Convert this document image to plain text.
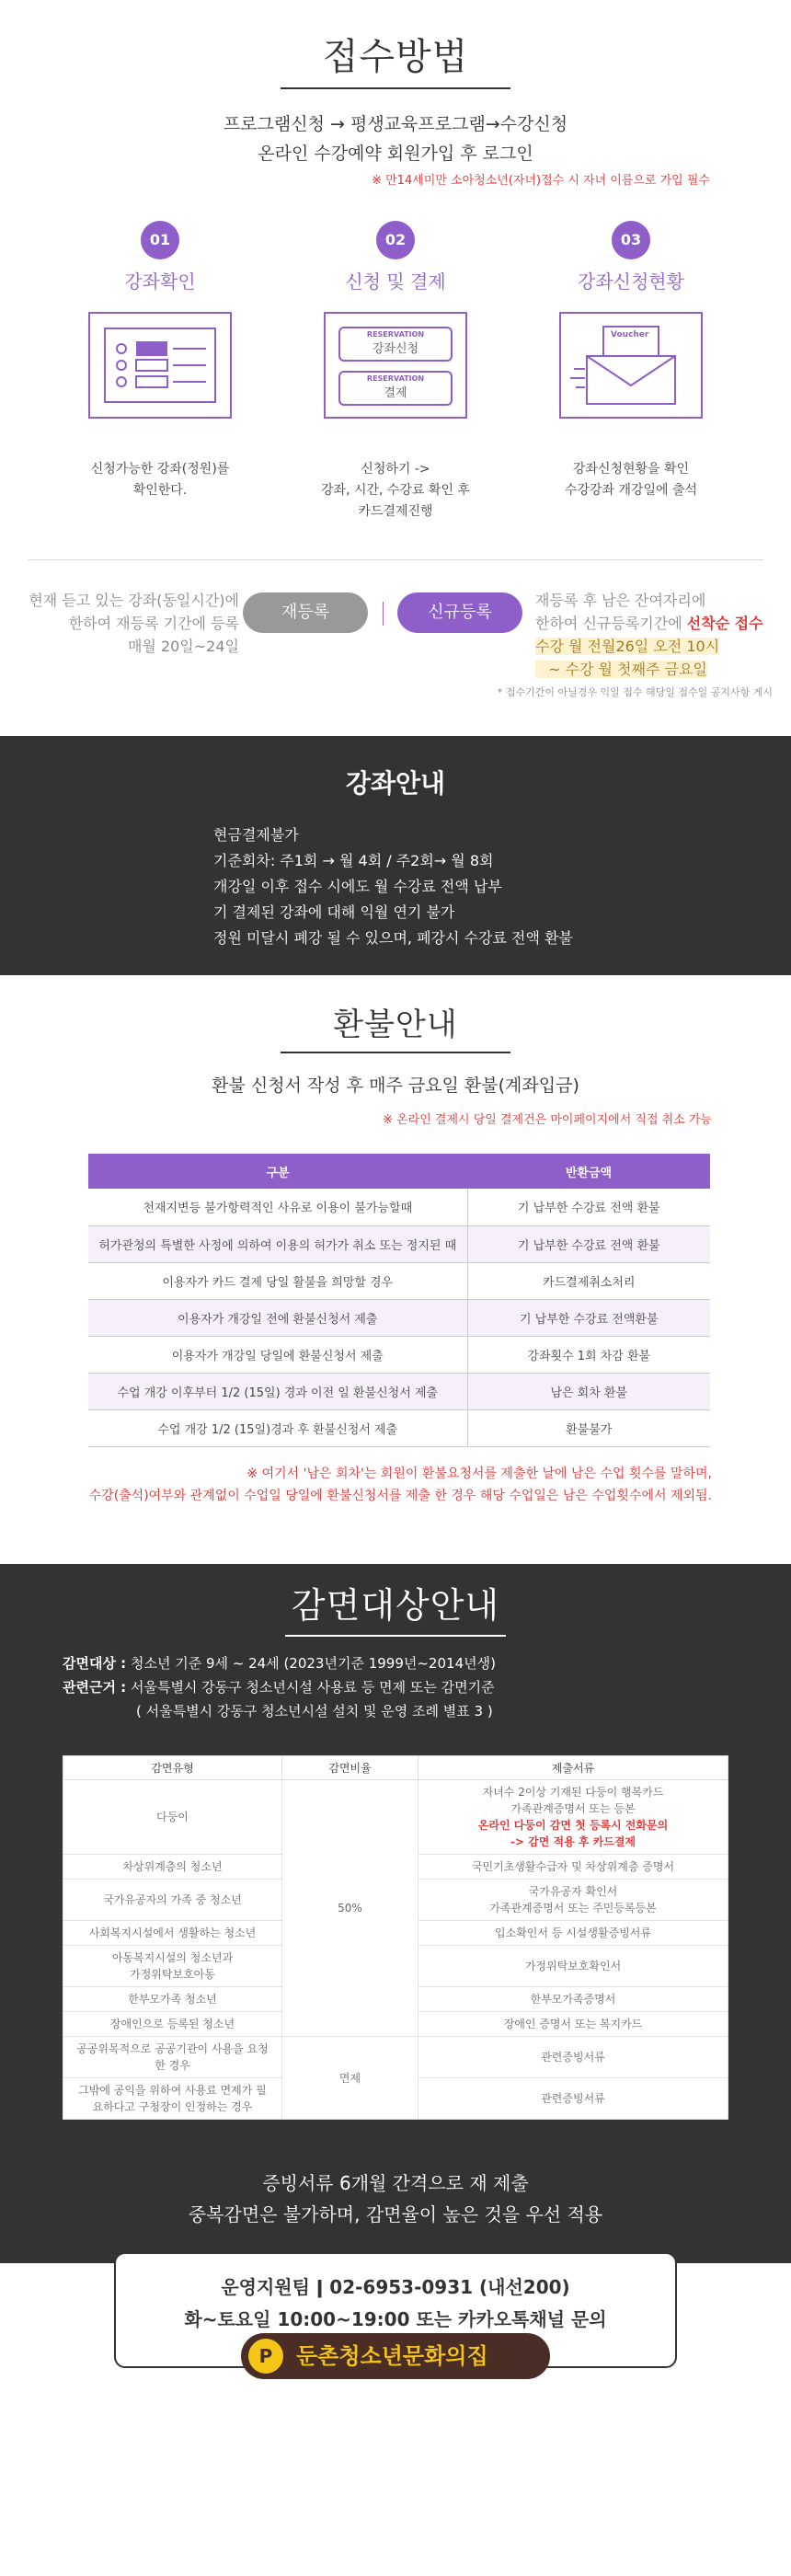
접수방법
프로그램신청 → 평생교육프로그램→수강신청
온라인 수강예약 회원가입 후 로그인
※ 만14세미만 소아청소년(자녀)접수 시 자녀 이름으로 가입 필수
01
강좌확인
신청가능한 강좌(정원)를
확인한다.
02
신청 및 결제
RESERVATION
강좌신청
RESERVATION
결제
신청하기 ->
강좌, 시간, 수강료 확인 후
카드결제진행
03
강좌신청현황
Voucher
강좌신청현황을 확인
수강강좌 개강일에 출석
현재 듣고 있는 강좌(동일시간)에
한하여 재등록 기간에 등록
매월 20일~24일
재등록	신규등록
재등록 후 남은 잔여자리에
한하여 신규등록기간에 선착순 접수
수강 월 전월26일 오전 10시
~ 수강 월 첫째주 금요일
* 접수기간이 아닐경우 익일 접수 해당일 접수일 공지사항 게시
강좌안내
현금결제불가
기준회차: 주1회 → 월 4회 / 주2회→ 월 8회
개강일 이후 접수 시에도 월 수강료 전액 납부
기 결제된 강좌에 대해 익월 연기 불가
정원 미달시 폐강 될 수 있으며, 폐강시 수강료 전액 환불
환불안내
환불 신청서 작성 후 매주 금요일 환불(계좌입금)
※ 온라인 결제시 당일 결제건은 마이페이지에서 직접 취소 가능
구분	반환금액
천재지변등 불가항력적인 사유로 이용이 불가능할때	기 납부한 수강료 전액 환불
허가관청의 특별한 사정에 의하여 이용의 허가가 취소 또는 정지된 때	기 납부한 수강료 전액 환불
이용자가 카드 결제 당일 활불을 희망할 경우	카드결제취소처리
이용자가 개강일 전에 환불신청서 제출	기 납부한 수강료 전액환불
이용자가 개강일 당일에 환불신청서 제출	강좌횟수 1회 차감 환불
수업 개강 이후부터 1/2 (15일) 경과 이전 일 환불신청서 제출	남은 회차 환불
수업 개강 1/2 (15일)경과 후 환불신청서 제출	환불불가
※ 여기서 '남은 회차'는 회원이 환불요청서를 제출한 날에 남은 수업 횟수를 말하며,
수강(출석)여부와 관계없이 수업일 당일에 환불신청서를 제출 한 경우 해당 수업일은 남은 수업횟수에서 제외됨.
감면대상안내
감면대상 : 청소년 기준 9세 ~ 24세 (2023년기준 1999년~2014년생)
관련근거 : 서울특별시 강동구 청소년시설 사용료 등 면제 또는 감면기준
( 서울특별시 강동구 청소년시설 설치 및 운영 조례 별표 3 )
감면유형	감면비율	제출서류
다둥이	50%	자녀수 2이상 기재된 다둥이 행복카드
가족관계증명서 또는 등본
온라인 다둥이 감면 첫 등록시 전화문의
-> 감면 적용 후 카드결제

차상위계층의 청소년		국민기초생활수급자 및 차상위계층 증명서
국가유공자의 가족 중 청소년		국가유공자 확인서
가족관계증명서 또는 주민등록등본

사회복지시설에서 생활하는 청소년		입소확인서 등 시설생활증빙서류

아동복지시설의 청소년과
가정위탁보호아동		가정위탁보호확인서
한부모가족 청소년		한부모가족증명서
장애인으로 등록된 청소년		장애인 증명서 또는 복지카드

공공위목적으로 공공기관이 사용을 요청
한 경우	면제	관련증빙서류

그밖에 공익을 위하여 사용료 면제가 필
요하다고 구청장이 인정하는 경우		관련증빙서류
증빙서류 6개월 간격으로 재 제출
중복감면은 불가하며, 감면율이 높은 것을 우선 적용
운영지원팀 ǀ 02-6953-0931 (내선200)
화~토요일 10:00~19:00 또는 카카오톡채널 문의
P	둔촌청소년문화의집
